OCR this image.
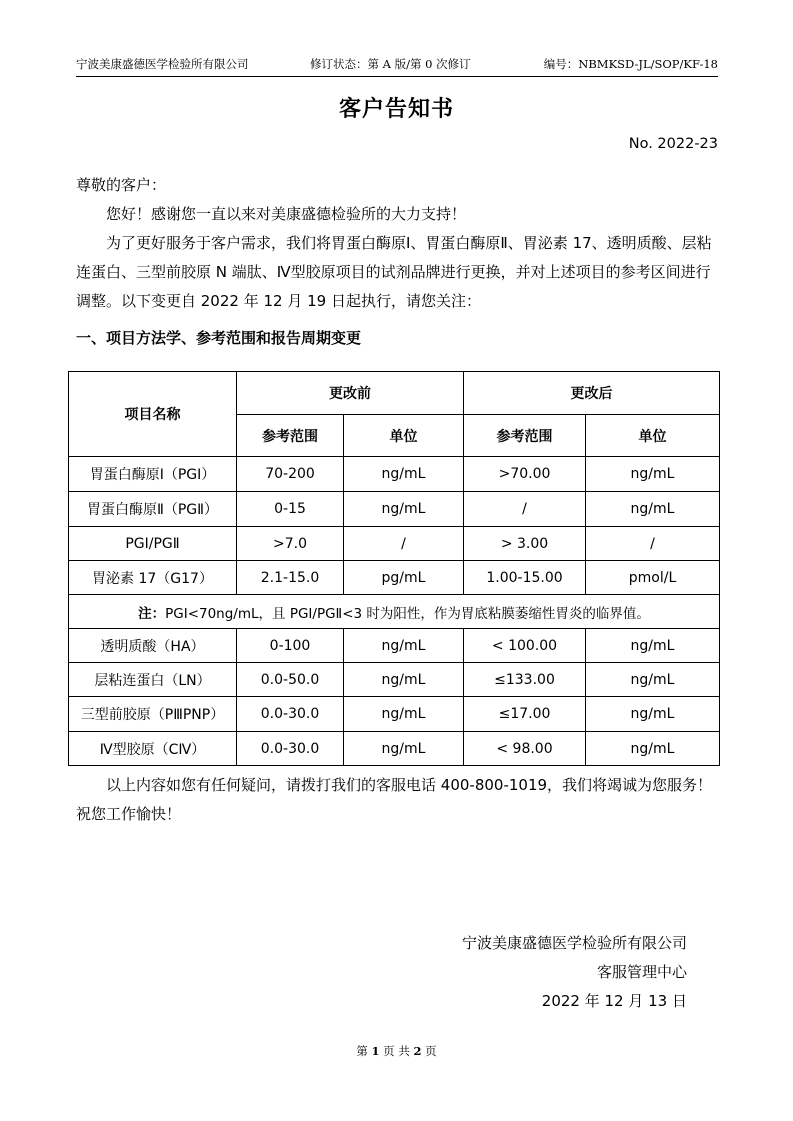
宁波美康盛德医学检验所有限公司	修订状态：第 A 版/第 0 次修订	编号：NBMKSD-JL/SOP/KF-18
客户告知书
No. 2022-23
尊敬的客户：
您好！感谢您一直以来对美康盛德检验所的大力支持！
为了更好服务于客户需求，我们将胃蛋白酶原Ⅰ、胃蛋白酶原Ⅱ、胃泌素 17、透明质酸、层粘连蛋白、三型前胶原 N 端肽、Ⅳ型胶原项目的试剂品牌进行更换，并对上述项目的参考区间进行调整。以下变更自 2022 年 12 月 19 日起执行，请您关注：
一、项目方法学、参考范围和报告周期变更
项目名称	更改前		更改后	
	参考范围	单位	参考范围	单位
胃蛋白酶原Ⅰ（PGⅠ）	70-200	ng/mL	>70.00	ng/mL
胃蛋白酶原Ⅱ（PGⅡ）	0-15	ng/mL	/	ng/mL
PGⅠ/PGⅡ	>7.0	/	> 3.00	/
胃泌素 17（G17）	2.1-15.0	pg/mL	1.00-15.00	pmol/L
注：PGⅠ<70ng/mL，且 PGⅠ/PGⅡ<3 时为阳性，作为胃底粘膜萎缩性胃炎的临界值。				
透明质酸（HA）	0-100	ng/mL	< 100.00	ng/mL
层粘连蛋白（LN）	0.0-50.0	ng/mL	≤133.00	ng/mL
三型前胶原（PⅢPNP）	0.0-30.0	ng/mL	≤17.00	ng/mL
Ⅳ型胶原（CⅣ）	0.0-30.0	ng/mL	< 98.00	ng/mL
以上内容如您有任何疑问，请拨打我们的客服电话 400-800-1019，我们将竭诚为您服务！祝您工作愉快！
宁波美康盛德医学检验所有限公司
客服管理中心
2022 年 12 月 13 日
第 1 页 共 2 页
